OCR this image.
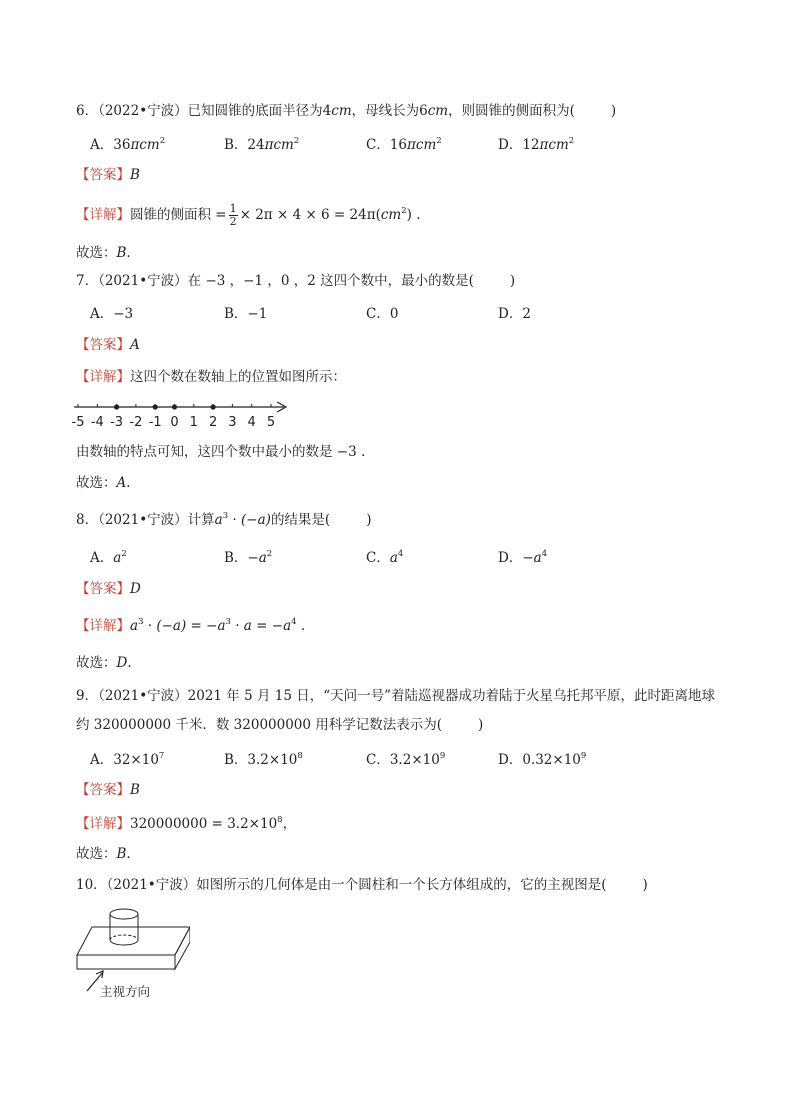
6．（2022•宁波）已知圆锥的底面半径为4cm，母线长为6cm，则圆锥的侧面积为(	)
A．36πcm$^2$	B．24πcm$^2$	C．16πcm$^2$	D．12πcm$^2$
【答案】B
【详解】圆锥的侧面积 = $\frac{1}{2} \times 2\pi \times 4 \times 6 = 24\pi(cm^2)$ .
故选：B.
7．（2021•宁波）在 −3 ，−1 ，0 ，2 这四个数中，最小的数是(	)
A．−3	B．−1	C．0	D．2
【答案】A
【详解】这四个数在数轴上的位置如图所示：
-5 -4 -3 -2 -1 0 1 2 3 4 5
由数轴的特点可知，这四个数中最小的数是 −3 .
故选：A.
8．（2021•宁波）计算$a^3 \cdot (-a)$的结果是(	)
A．$a^2$	B．$-a^2$	C．$a^4$	D．$-a^4$
【答案】D
【详解】$a^3 \cdot (-a) = -a^3 \cdot a = -a^4$ .
故选：D.
9．（2021•宁波）2021 年 5 月 15 日，“天问一号”着陆巡视器成功着陆于火星乌托邦平原，此时距离地球
约 320000000 千米．数 320000000 用科学记数法表示为(	)
A．$32\times 10^7$	B．$3.2\times 10^8$	C．$3.2\times 10^9$	D．$0.32\times 10^9$
【答案】B
【详解】$320000000 = 3.2\times 10^8$，
故选：B.
10．（2021•宁波）如图所示的几何体是由一个圆柱和一个长方体组成的，它的主视图是(	)
主视方向
